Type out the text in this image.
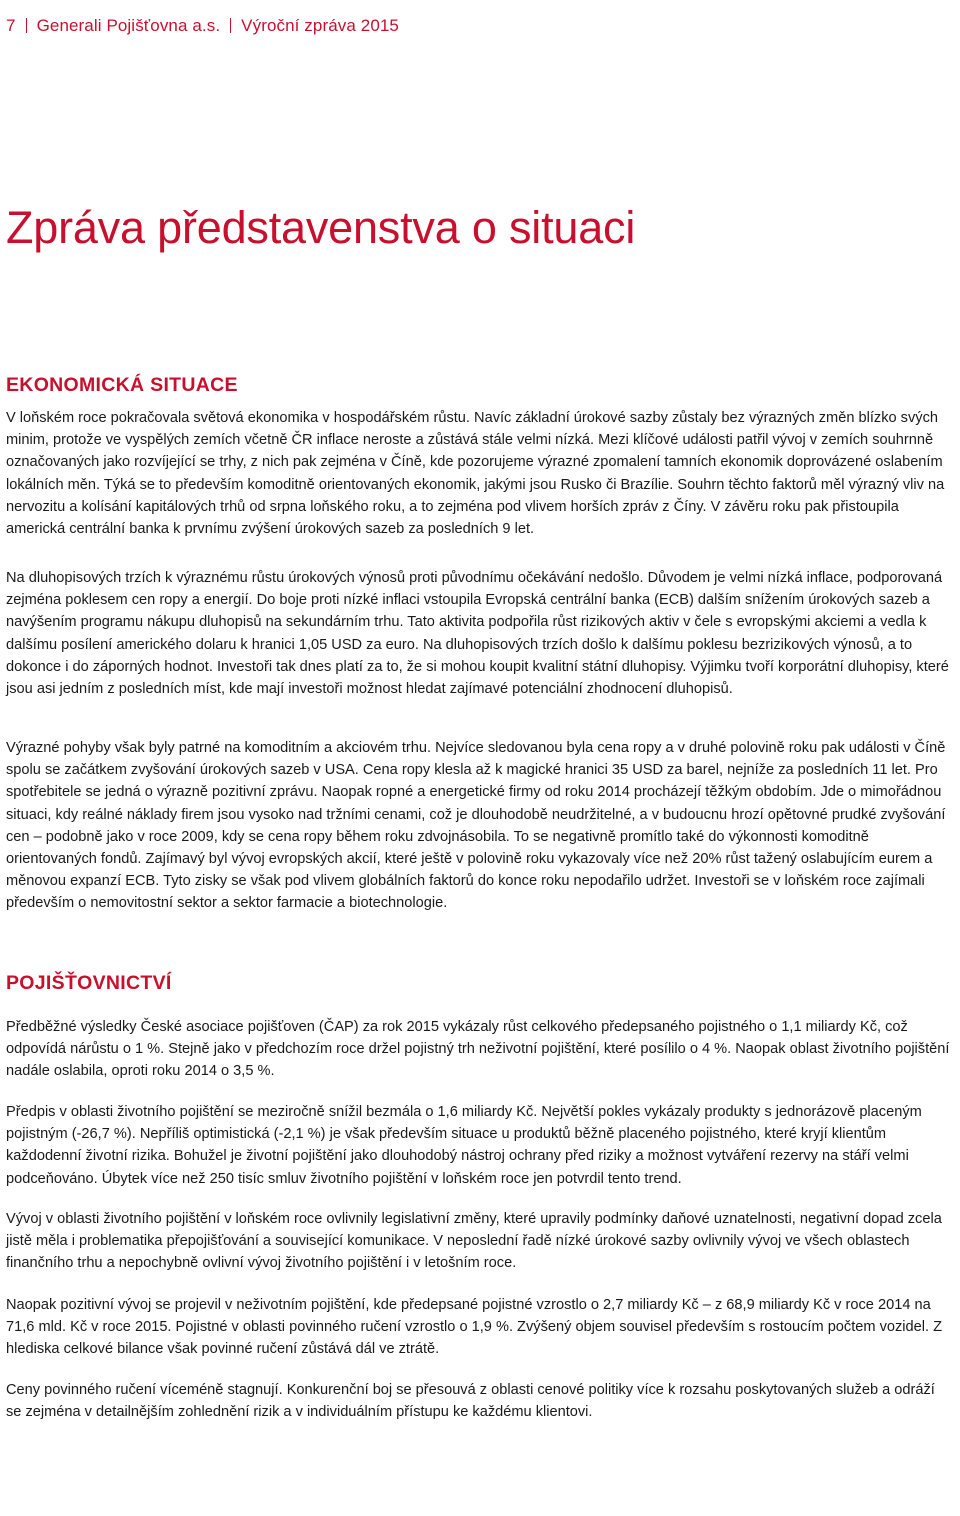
7 Generali Pojišťovna a.s. Výroční zpráva 2015
Zpráva představenstva o situaci
EKONOMICKÁ SITUACE

V loňském roce pokračovala světová ekonomika v hospodářském růstu. Navíc základní úrokové sazby zůstaly bez výrazných změn blízko svých minim, protože ve vyspělých zemích včetně ČR inflace neroste a zůstává stále velmi nízká. Mezi klíčové události patřil vývoj v zemích souhrnně označovaných jako rozvíjející se trhy, z nich pak zejména v Číně, kde pozorujeme výrazné zpomalení tamních ekonomik doprovázené oslabením lokálních měn. Týká se to především komoditně orientovaných ekonomik, jakými jsou Rusko či Brazílie. Souhrn těchto faktorů měl výrazný vliv na nervozitu a kolísání kapitálových trhů od srpna loňského roku, a to zejména pod vlivem horších zpráv z Číny. V závěru roku pak přistoupila americká centrální banka k prvnímu zvýšení úrokových sazeb za posledních 9 let.

Na dluhopisových trzích k výraznému růstu úrokových výnosů proti původnímu očekávání nedošlo. Důvodem je velmi nízká inflace, podporovaná zejména poklesem cen ropy a energií. Do boje proti nízké inflaci vstoupila Evropská centrální banka (ECB) dalším snížením úrokových sazeb a navýšením programu nákupu dluhopisů na sekundárním trhu. Tato aktivita podpořila růst rizikových aktiv v čele s evropskými akciemi a vedla k dalšímu posílení amerického dolaru k hranici 1,05 USD za euro. Na dluhopisových trzích došlo k dalšímu poklesu bezrizikových výnosů, a to dokonce i do záporných hodnot. Investoři tak dnes platí za to, že si mohou koupit kvalitní státní dluhopisy. Výjimku tvoří korporátní dluhopisy, které jsou asi jedním z posledních míst, kde mají investoři možnost hledat zajímavé potenciální zhodnocení dluhopisů.

Výrazné pohyby však byly patrné na komoditním a akciovém trhu. Nejvíce sledovanou byla cena ropy a v druhé polovině roku pak události v Číně spolu se začátkem zvyšování úrokových sazeb v USA. Cena ropy klesla až k magické hranici 35 USD za barel, nejníže za posledních 11 let. Pro spotřebitele se jedná o výrazně pozitivní zprávu. Naopak ropné a energetické firmy od roku 2014 procházejí těžkým obdobím. Jde o mimořádnou situaci, kdy reálné náklady firem jsou vysoko nad tržními cenami, což je dlouhodobě neudržitelné, a v budoucnu hrozí opětovné prudké zvyšování cen – podobně jako v roce 2009, kdy se cena ropy během roku zdvojnásobila. To se negativně promítlo také do výkonnosti komoditně orientovaných fondů. Zajímavý byl vývoj evropských akcií, které ještě v polovině roku vykazovaly více než 20% růst tažený oslabujícím eurem a měnovou expanzí ECB. Tyto zisky se však pod vlivem globálních faktorů do konce roku nepodařilo udržet. Investoři se v loňském roce zajímali především o nemovitostní sektor a sektor farmacie a biotechnologie.

POJIŠŤOVNICTVÍ

Předběžné výsledky České asociace pojišťoven (ČAP) za rok 2015 vykázaly růst celkového předepsaného pojistného o 1,1 miliardy Kč, což odpovídá nárůstu o 1 %. Stejně jako v předchozím roce držel pojistný trh neživotní pojištění, které posílilo o 4 %. Naopak oblast životního pojištění nadále oslabila, oproti roku 2014 o 3,5 %.

Předpis v oblasti životního pojištění se meziročně snížil bezmála o 1,6 miliardy Kč. Největší pokles vykázaly produkty s jednorázově placeným pojistným (-26,7 %). Nepříliš optimistická (-2,1 %) je však především situace u produktů běžně placeného pojistného, které kryjí klientům každodenní životní rizika. Bohužel je životní pojištění jako dlouhodobý nástroj ochrany před riziky a možnost vytváření rezervy na stáří velmi podceňováno. Úbytek více než 250 tisíc smluv životního pojištění v loňském roce jen potvrdil tento trend.

Vývoj v oblasti životního pojištění v loňském roce ovlivnily legislativní změny, které upravily podmínky daňové uznatelnosti, negativní dopad zcela jistě měla i problematika přepojišťování a související komunikace. V neposlední řadě nízké úrokové sazby ovlivnily vývoj ve všech oblastech finančního trhu a nepochybně ovlivní vývoj životního pojištění i v letošním roce.

Naopak pozitivní vývoj se projevil v neživotním pojištění, kde předepsané pojistné vzrostlo o 2,7 miliardy Kč – z 68,9 miliardy Kč v roce 2014 na 71,6 mld. Kč v roce 2015. Pojistné v oblasti povinného ručení vzrostlo o 1,9 %. Zvýšený objem souvisel především s rostoucím počtem vozidel. Z hlediska celkové bilance však povinné ručení zůstává dál ve ztrátě.

Ceny povinného ručení víceméně stagnují. Konkurenční boj se přesouvá z oblasti cenové politiky více k rozsahu poskytovaných služeb a odráží se zejména v detailnějším zohlednění rizik a v individuálním přístupu ke každému klientovi.
